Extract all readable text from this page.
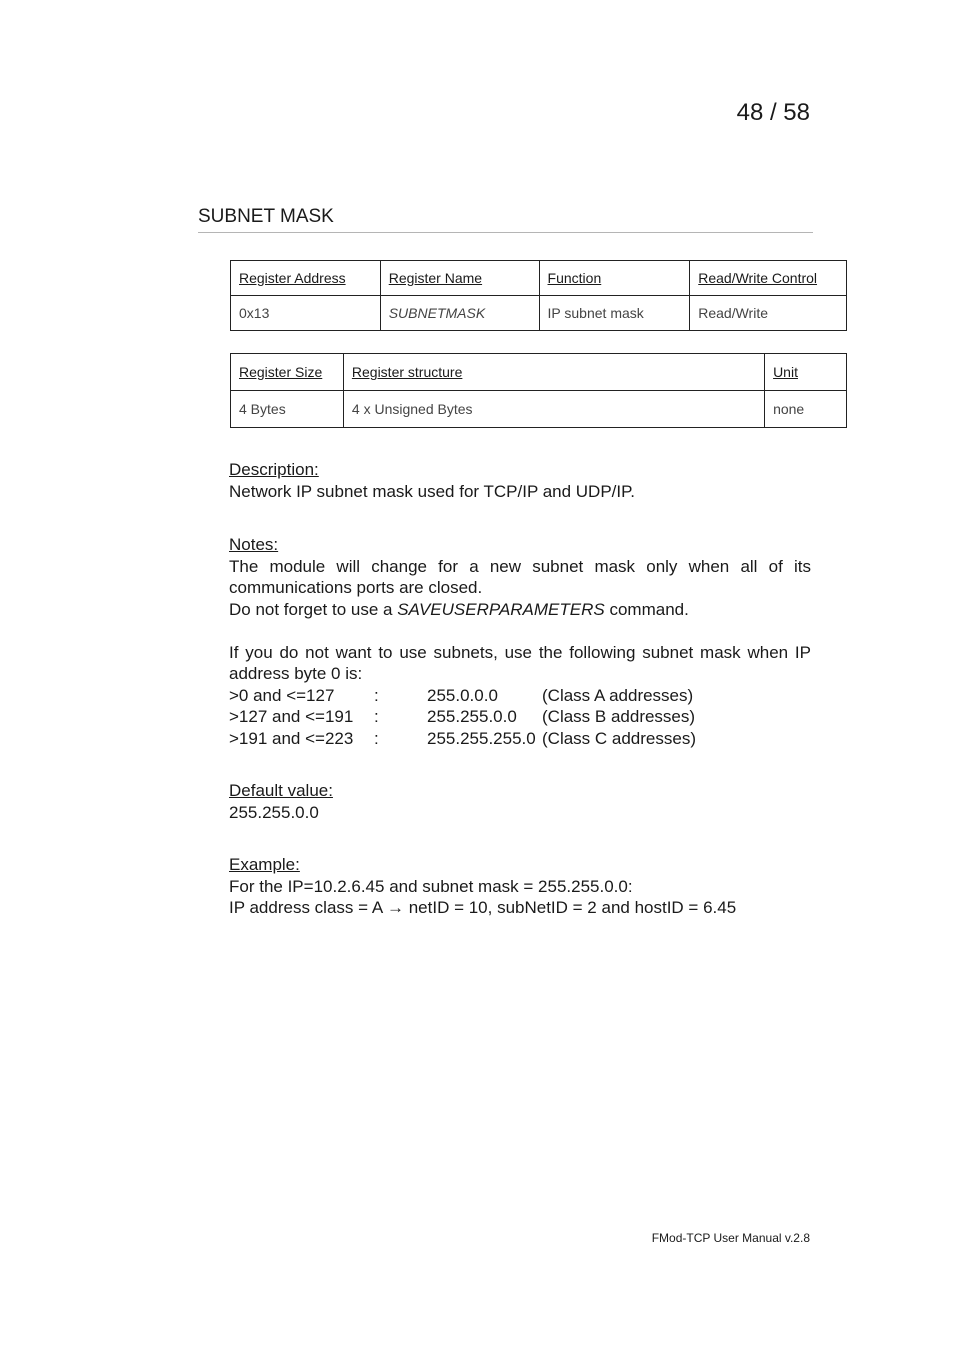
48 / 58
SUBNET MASK
Register Address	Register Name	Function	Read/Write Control
0x13	SUBNETMASK	IP subnet mask	Read/Write
Register Size	Register structure	Unit
4 Bytes	4 x Unsigned Bytes	none

Description:

Network IP subnet mask used for TCP/IP and UDP/IP.

Notes:

The module will change for a new subnet mask only when all of its communications ports are closed.

Do not forget to use a SAVEUSERPARAMETERS command.

If you do not want to use subnets, use the following subnet mask when IP address byte 0 is:

>0 and <=127	:	255.0.0.0	(Class A addresses)
>127 and <=191	:	255.255.0.0	(Class B addresses)
>191 and <=223	:	255.255.255.0 (Class C addresses)

Default value:

255.255.0.0

Example:

For the IP=10.2.6.45 and subnet mask = 255.255.0.0:

IP address class = A → netID = 10, subNetID = 2 and hostID = 6.45

FMod-TCP User Manual v.2.8
